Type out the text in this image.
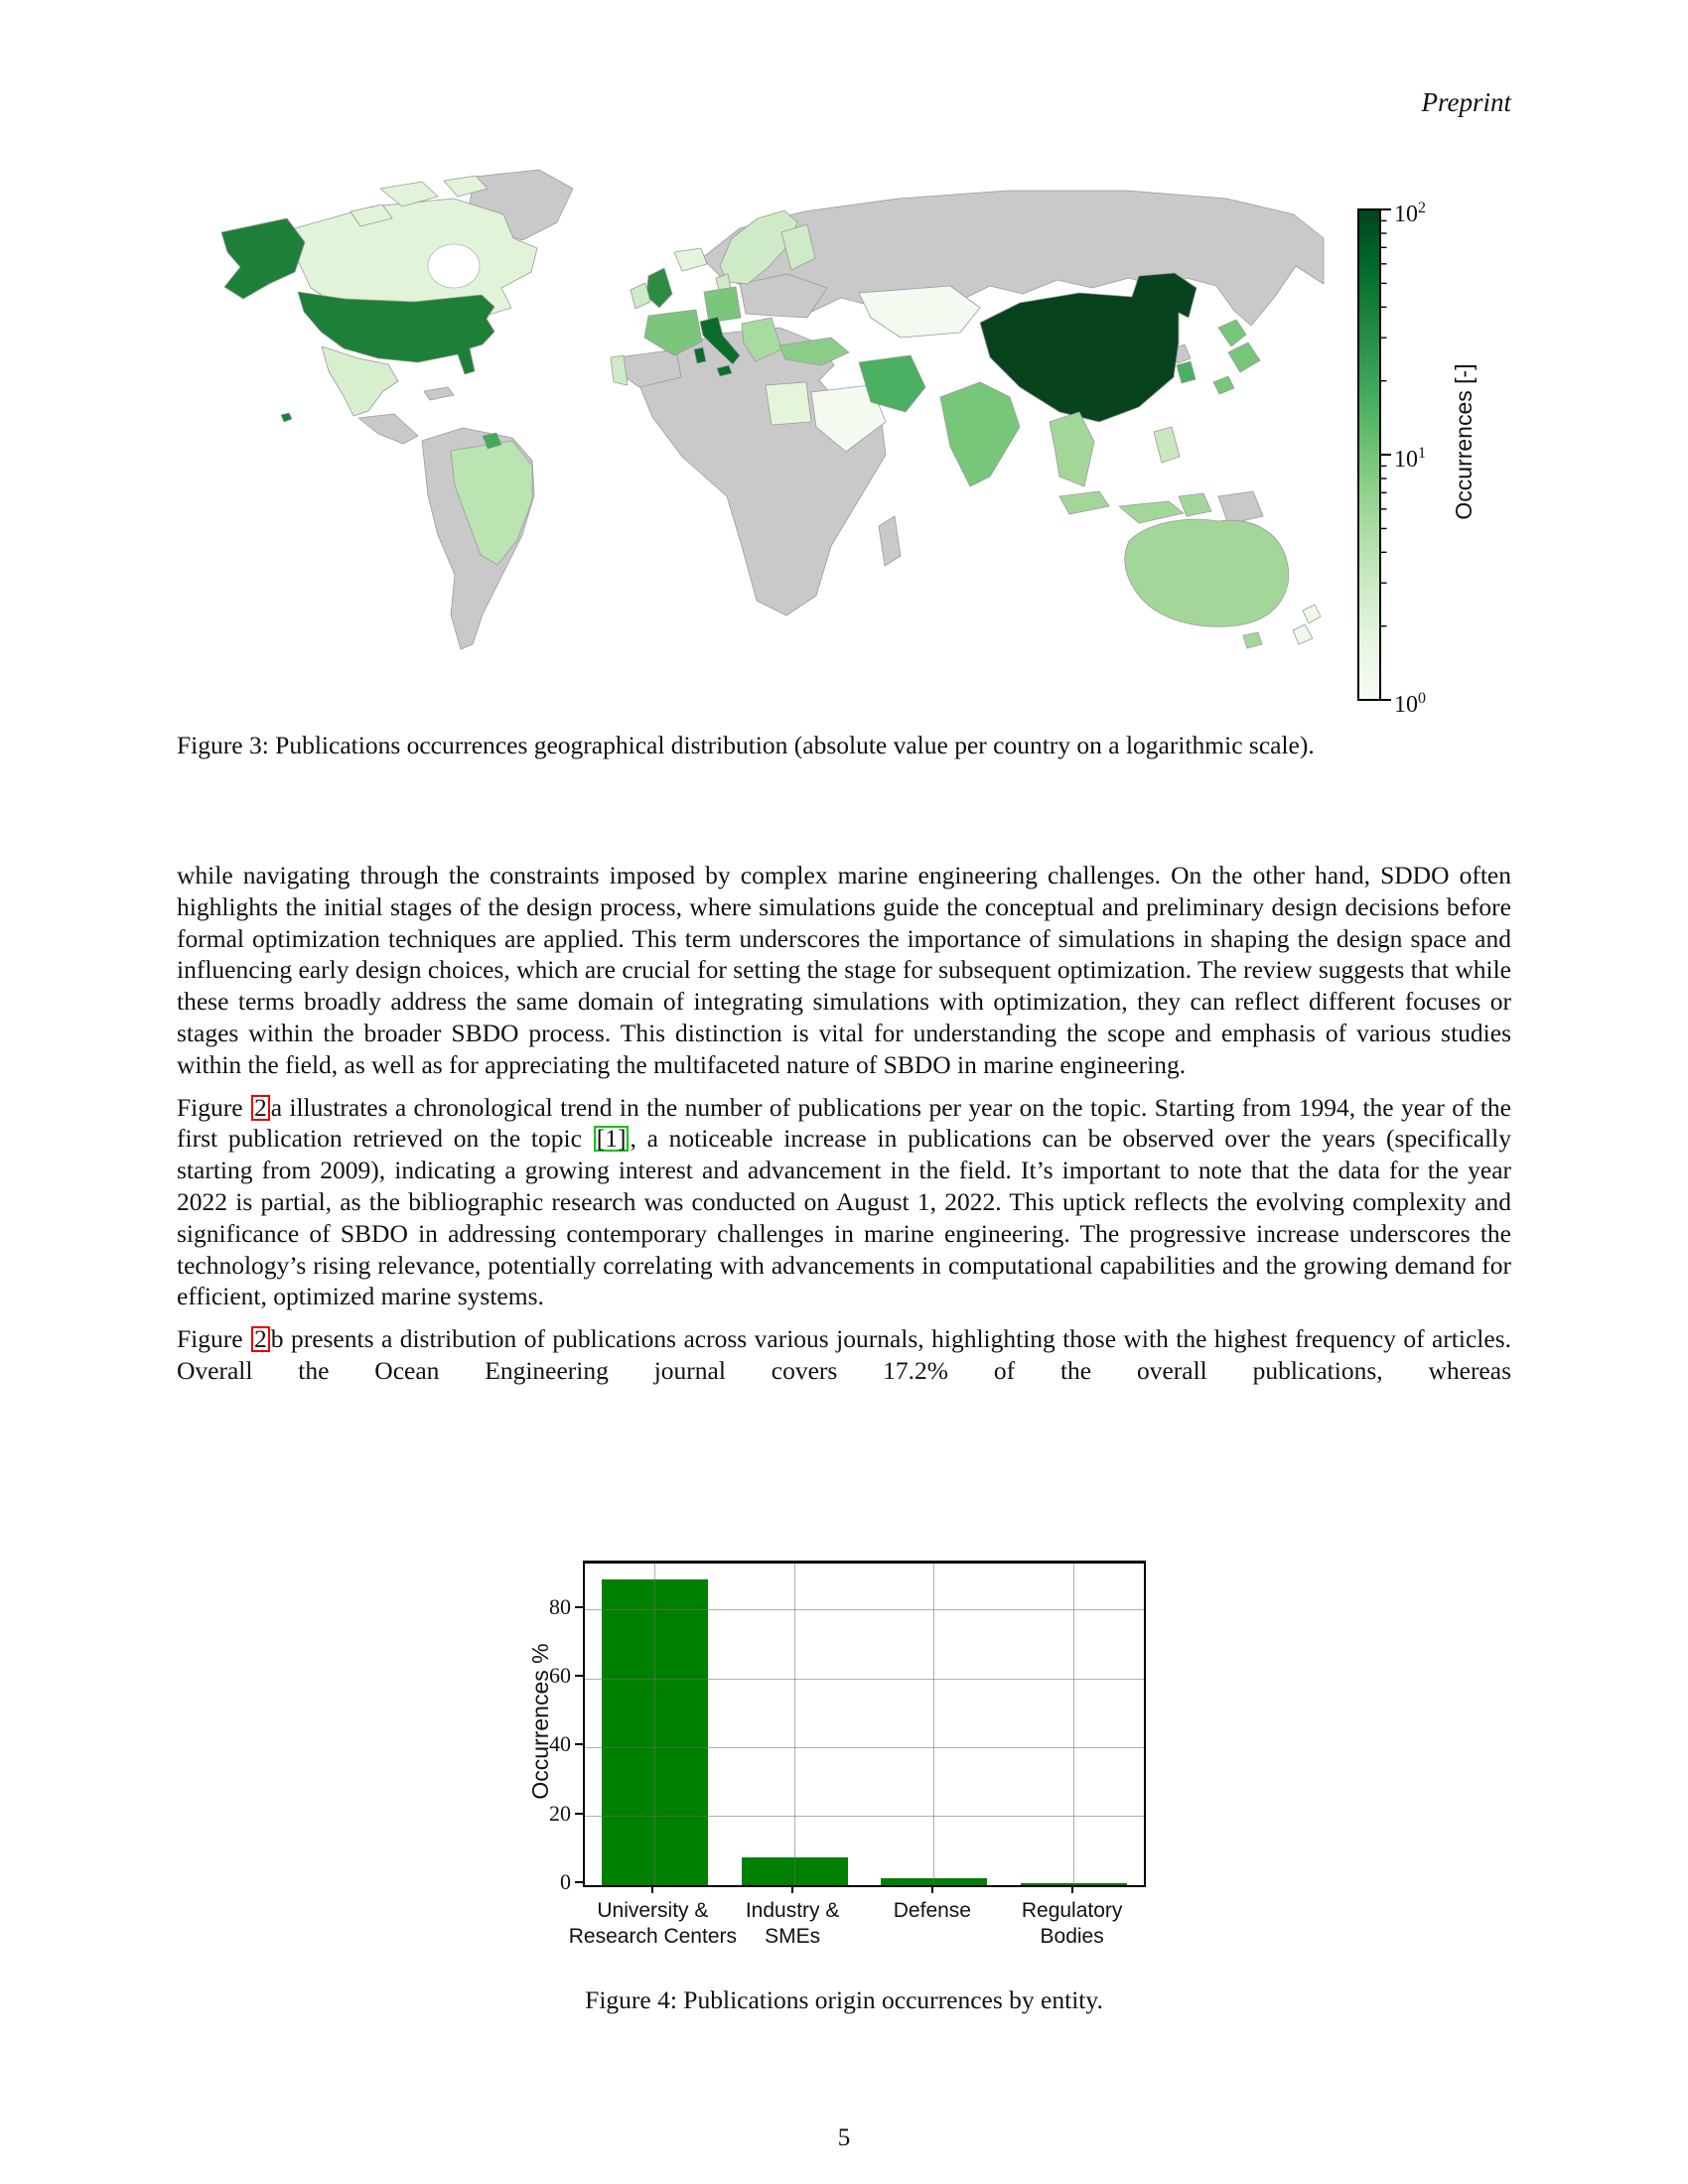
Preprint
$10^2$
$10^1$
$10^0$
Occurrences [-]
Figure 3: Publications occurrences geographical distribution (absolute value per country on a logarithmic scale).

while navigating through the constraints imposed by complex marine engineering challenges. On the other hand, SDDO often highlights the initial stages of the design process, where simulations guide the conceptual and preliminary design decisions before formal optimization techniques are applied. This term underscores the importance of simulations in shaping the design space and influencing early design choices, which are crucial for setting the stage for subsequent optimization. The review suggests that while these terms broadly address the same domain of integrating simulations with optimization, they can reflect different focuses or stages within the broader SBDO process. This distinction is vital for understanding the scope and emphasis of various studies within the field, as well as for appreciating the multifaceted nature of SBDO in marine engineering.

Figure 2 a illustrates a chronological trend in the number of publications per year on the topic. Starting from 1994, the year of the first publication retrieved on the topic [1] , a noticeable increase in publications can be observed over the years (specifically starting from 2009), indicating a growing interest and advancement in the field. It’s important to note that the data for the year 2022 is partial, as the bibliographic research was conducted on August 1, 2022. This uptick reflects the evolving complexity and significance of SBDO in addressing contemporary challenges in marine engineering. The progressive increase underscores the technology’s rising relevance, potentially correlating with advancements in computational capabilities and the growing demand for efficient, optimized marine systems.

Figure 2 b presents a distribution of publications across various journals, highlighting those with the highest frequency of articles. Overall the Ocean Engineering journal covers 17.2% of the overall publications, whereas

Occurrences %
0
20
40
60
80
University &
Research Centers
Industry &
SMEs
Defense	Regulatory
Bodies
Figure 4: Publications origin occurrences by entity.
5
